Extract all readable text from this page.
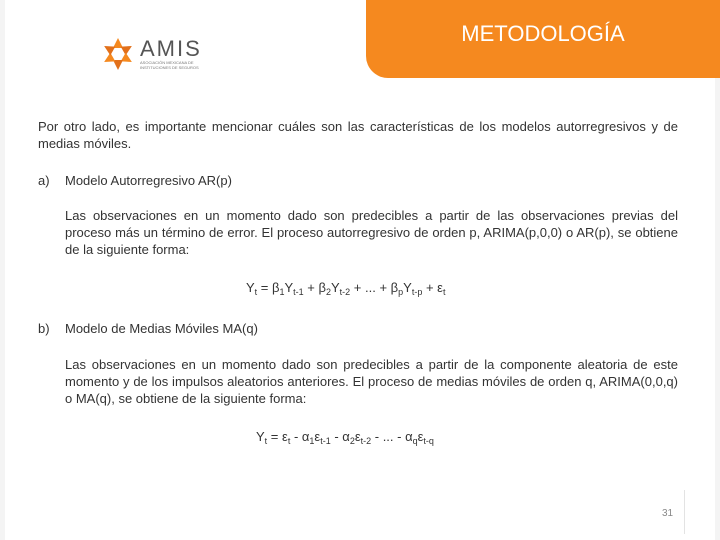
AMIS
ASOCIACIÓN MEXICANA DE INSTITUCIONES DE SEGUROS
METODOLOGÍA
Por otro lado, es importante mencionar cuáles son las características de los modelos autorregresivos y de medias móviles.
a)	Modelo Autorregresivo AR(p)
Las observaciones en un momento dado son predecibles a partir de las observaciones previas del proceso más un término de error. El proceso autorregresivo de orden p, ARIMA(p,0,0) o AR(p), se obtiene de la siguiente forma:
$Y_t = \beta_1Y_{t-1} + \beta_2Y_{t-2}$ + ... + $\beta_pY_{t-p} + \varepsilon_t$
b)	Modelo de Medias Móviles MA(q)
Las observaciones en un momento dado son predecibles a partir de la componente aleatoria de este momento y de los impulsos aleatorios anteriores. El proceso de medias móviles de orden q, ARIMA(0,0,q) o MA(q), se obtiene de la siguiente forma:
$Y_t = \varepsilon_t - \alpha_1\varepsilon_{t-1} - \alpha_2\varepsilon_{t-2}$ - ... - $\alpha_q\varepsilon_{t-q}$
31
